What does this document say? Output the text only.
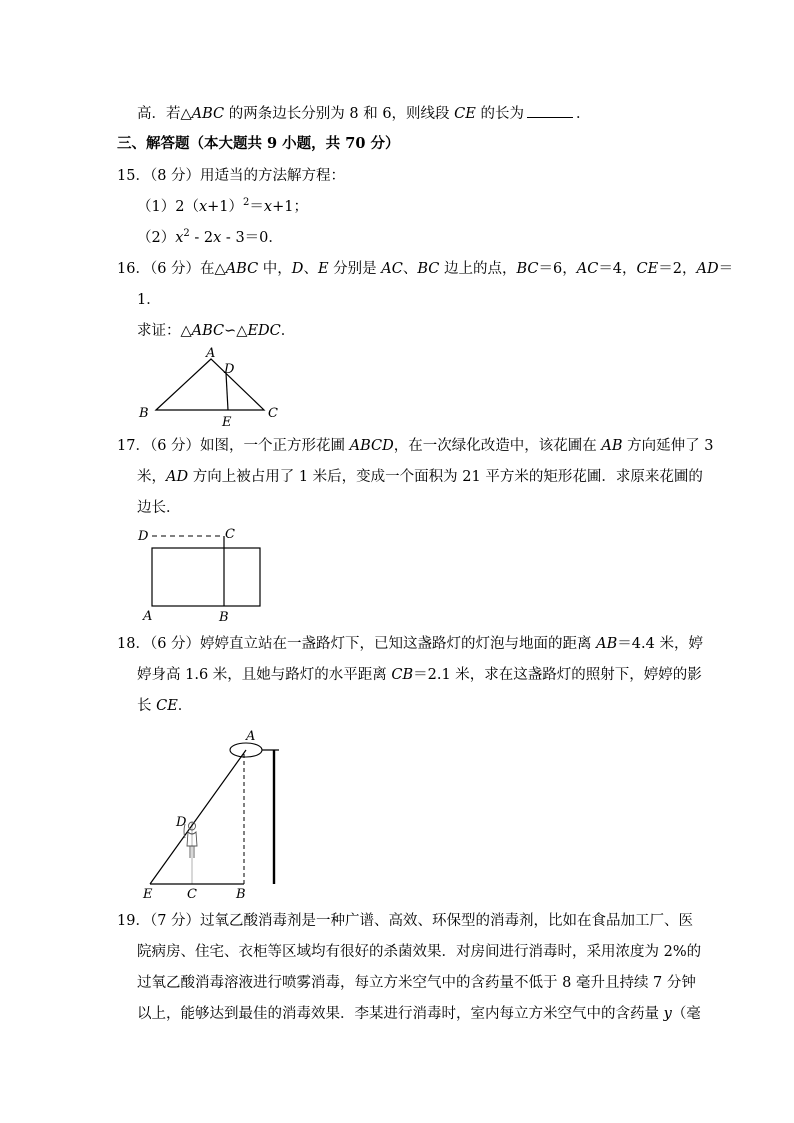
高．若△ABC 的两条边长分别为 8 和 6，则线段 CE 的长为	．
三、解答题（本大题共 9 小题，共 70 分）
15．（8 分）用适当的方法解方程：
$(1)2(x+1)^2=x+1$；
$(2)x^2 - 2x - 3=0$．
16．（6 分）在△ABC 中，D、E 分别是 AC、BC 边上的点，BC＝6，AC＝4，CE＝2，AD＝
1．
求证：△ABC∽△EDC．
A
D
B
E
C
17．（6 分）如图，一个正方形花圃 ABCD，在一次绿化改造中，该花圃在 AB 方向延伸了 3
米，AD 方向上被占用了 1 米后，变成一个面积为 21 平方米的矩形花圃．求原来花圃的
边长．
D	C
A	B
18．（6 分）婷婷直立站在一盏路灯下，已知这盏路灯的灯泡与地面的距离 AB＝4.4 米，婷
婷身高 1.6 米，且她与路灯的水平距离 CB＝2.1 米，求在这盏路灯的照射下，婷婷的影
长 CE．
A
D
E	C	B
19．（7 分）过氧乙酸消毒剂是一种广谱、高效、环保型的消毒剂，比如在食品加工厂、医
院病房、住宅、衣柜等区域均有很好的杀菌效果．对房间进行消毒时，采用浓度为 2%的
过氧乙酸消毒溶液进行喷雾消毒，每立方米空气中的含药量不低于 8 毫升且持续 7 分钟
以上，能够达到最佳的消毒效果．李某进行消毒时，室内每立方米空气中的含药量 y（毫
